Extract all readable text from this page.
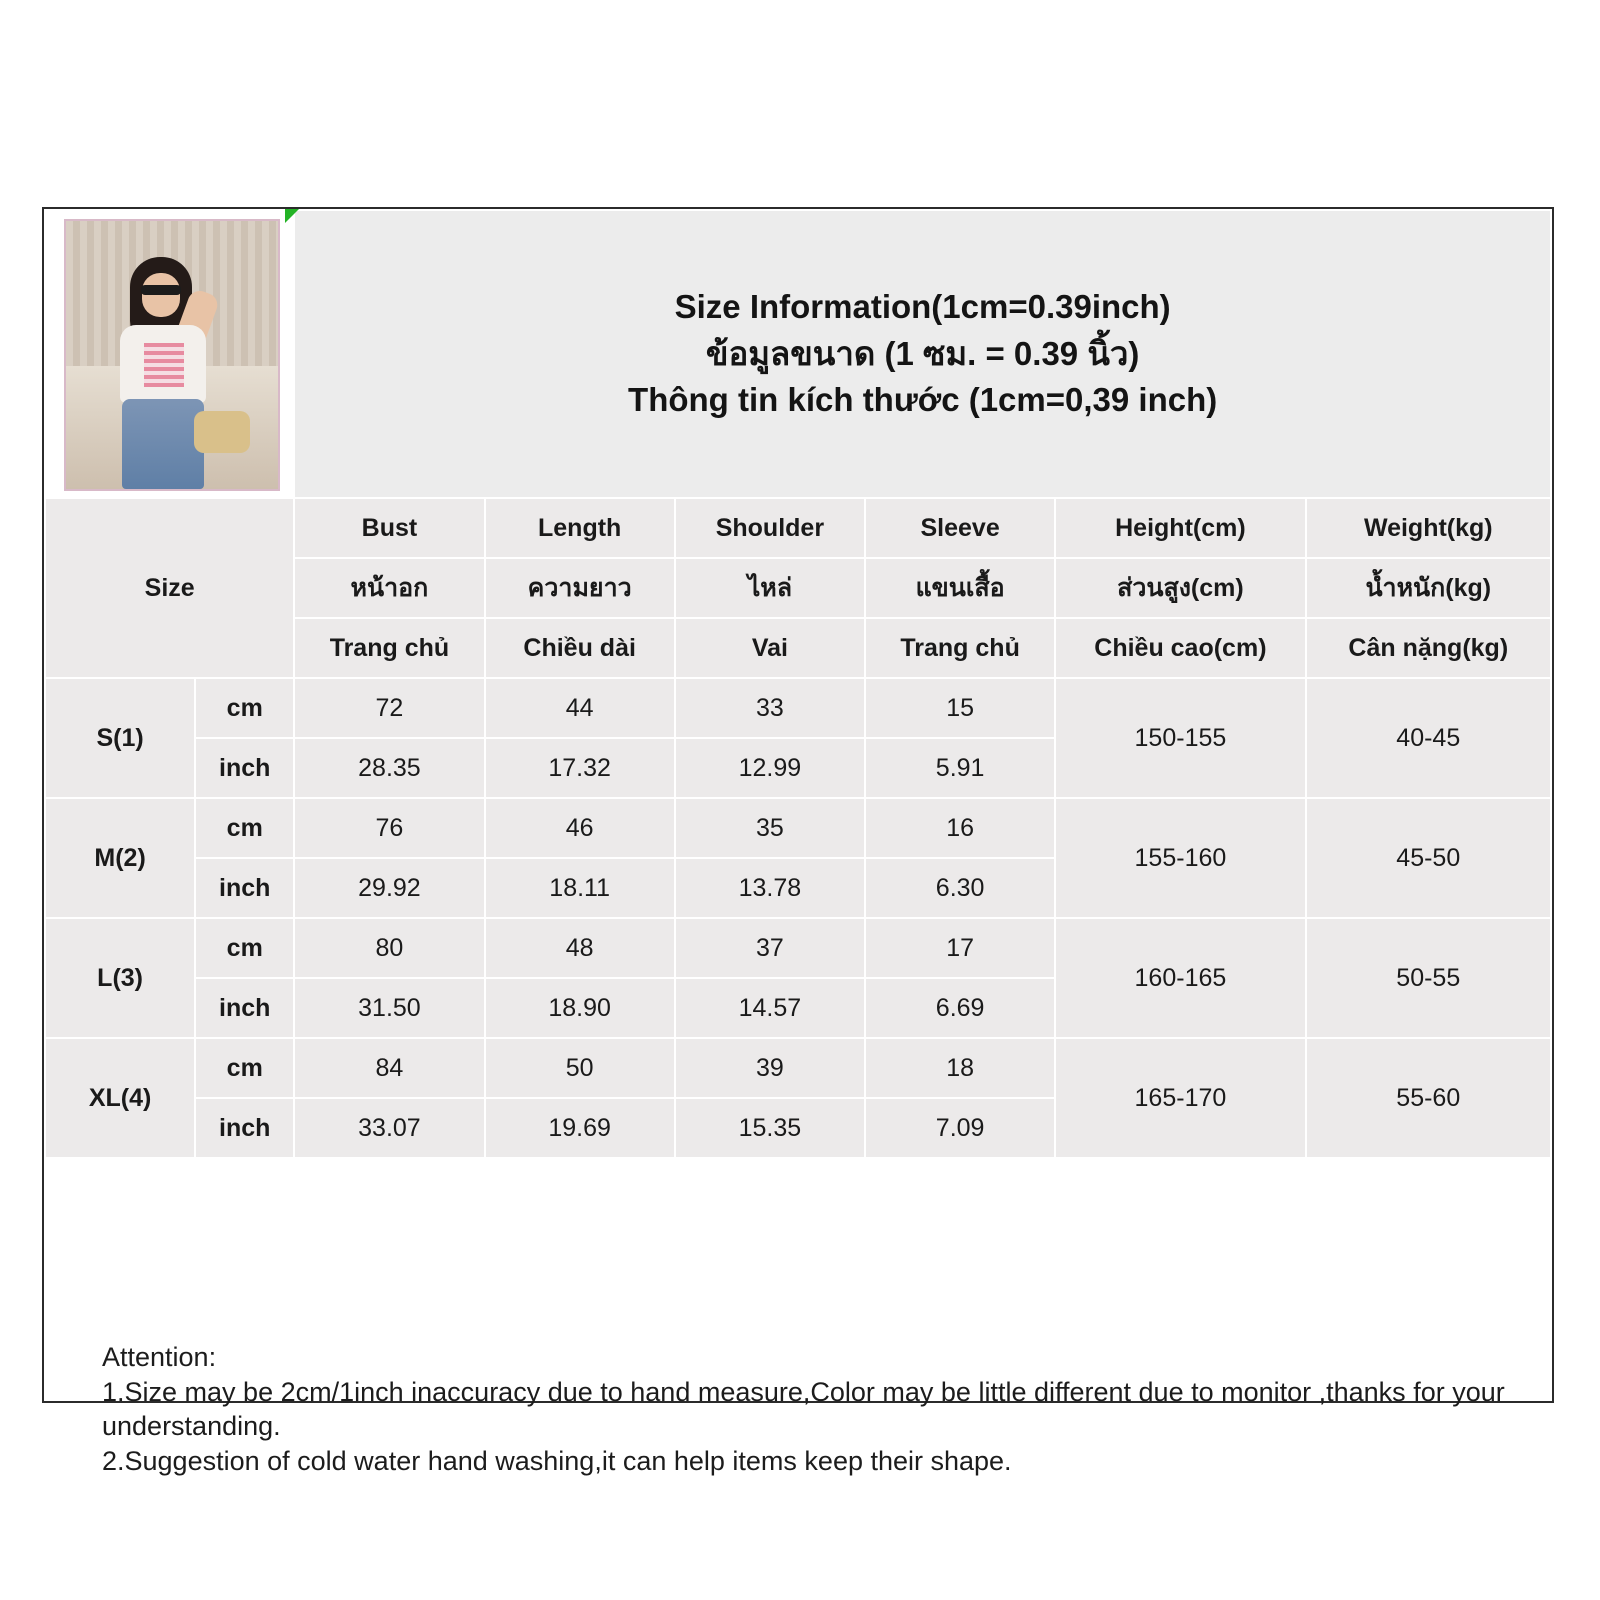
		Size Information(1cm=0.39inch)
ข้อมูลขนาด (1 ซม. = 0.39 นิ้ว)
Thông tin kích thước (1cm=0,39 inch)					

Size		Bust	Length	Shoulder	Sleeve	Height(cm)	Weight(kg)
		หน้าอก	ความยาว	ไหล่	แขนเสื้อ	ส่วนสูง(cm)	น้ำหนัก(kg)
		Trang chủ	Chiều dài	Vai	Trang chủ	Chiều cao(cm)	Cân nặng(kg)
S(1)	cm	72	44	33	15	150-155	40-45
	inch	28.35	17.32	12.99	5.91		
M(2)	cm	76	46	35	16	155-160	45-50
	inch	29.92	18.11	13.78	6.30		
L(3)	cm	80	48	37	17	160-165	50-55
	inch	31.50	18.90	14.57	6.69		
XL(4)	cm	84	50	39	18	165-170	55-60
	inch	33.07	19.69	15.35	7.09		
Attention:
1.Size may be 2cm/1inch inaccuracy due to hand measure,Color may be little different due to monitor ,thanks for your understanding.
2.Suggestion of cold water hand washing,it can help items keep their shape.
